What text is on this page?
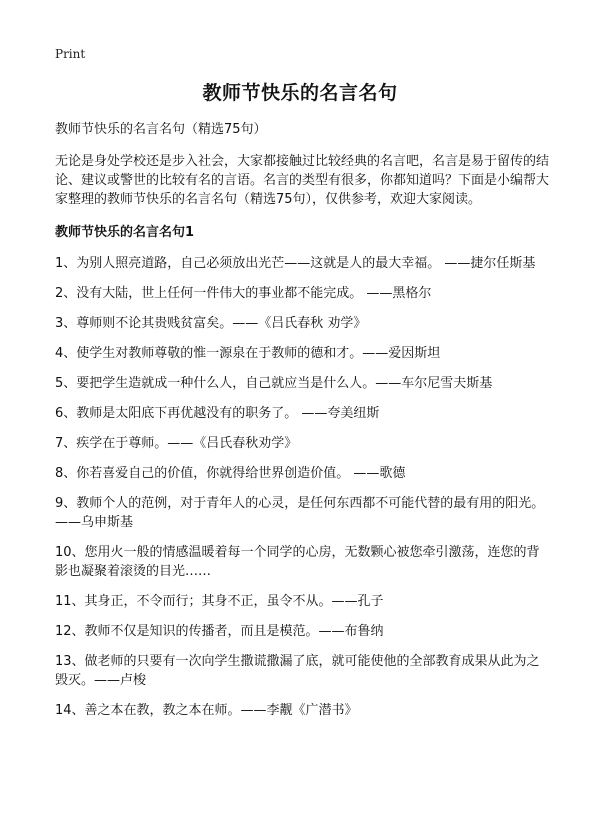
Print
教师节快乐的名言名句

教师节快乐的名言名句（精选75句）

无论是身处学校还是步入社会，大家都接触过比较经典的名言吧，名言是易于留传的结论、建议或警世的比较有名的言语。名言的类型有很多，你都知道吗？下面是小编帮大家整理的教师节快乐的名言名句（精选75句），仅供参考，欢迎大家阅读。

教师节快乐的名言名句1

1、为别人照亮道路，自己必须放出光芒——这就是人的最大幸福。 ——捷尔任斯基
2、没有大陆，世上任何一件伟大的事业都不能完成。 ——黑格尔
3、尊师则不论其贵贱贫富矣。——《吕氏春秋 劝学》
4、使学生对教师尊敬的惟一源泉在于教师的德和才。——爱因斯坦
5、要把学生造就成一种什么人，自己就应当是什么人。——车尔尼雪夫斯基
6、教师是太阳底下再优越没有的职务了。 ——夸美纽斯
7、疾学在于尊师。——《吕氏春秋劝学》
8、你若喜爱自己的价值，你就得给世界创造价值。 ——歌德
9、教师个人的范例，对于青年人的心灵，是任何东西都不可能代替的最有用的阳光。——乌申斯基
10、您用火一般的情感温暖着每一个同学的心房，无数颗心被您牵引激荡，连您的背影也凝聚着滚烫的目光……
11、其身正，不令而行；其身不正，虽令不从。——孔子
12、教师不仅是知识的传播者，而且是模范。——布鲁纳
13、做老师的只要有一次向学生撒谎撒漏了底，就可能使他的全部教育成果从此为之毁灭。——卢梭
14、善之本在教，教之本在师。——李觏《广潜书》
